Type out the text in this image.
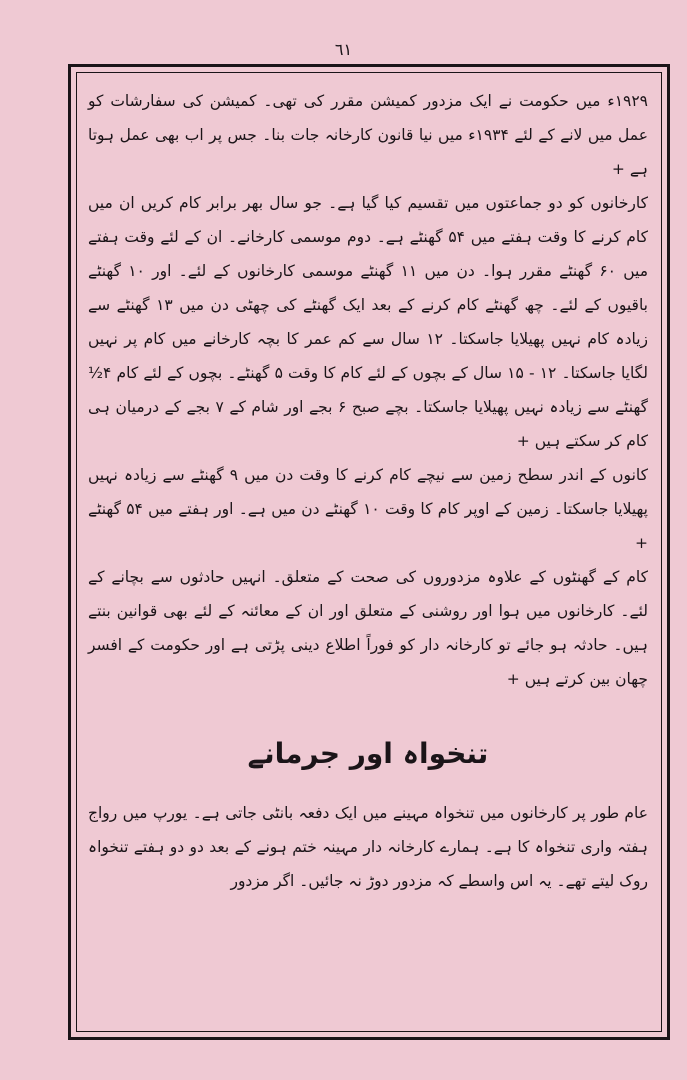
٦١

۱۹۲۹ء میں حکومت نے ایک مزدور کمیشن مقرر کی تھی۔ کمیشن کی سفارشات کو عمل میں لانے کے لئے ۱۹۳۴ء میں نیا قانون کارخانہ جات بنا۔ جس پر اب بھی عمل ہوتا ہے +

کارخانوں کو دو جماعتوں میں تقسیم کیا گیا ہے۔ جو سال بھر برابر کام کریں ان میں کام کرنے کا وقت ہفتے میں ۵۴ گھنٹے ہے۔ دوم موسمی کارخانے۔ ان کے لئے وقت ہفتے میں ۶۰ گھنٹے مقرر ہوا۔ دن میں ۱۱ گھنٹے موسمی کارخانوں کے لئے۔ اور ۱۰ گھنٹے باقیوں کے لئے۔ چھ گھنٹے کام کرنے کے بعد ایک گھنٹے کی چھٹی دن میں ۱۳ گھنٹے سے زیادہ کام نہیں پھیلایا جاسکتا۔ ۱۲ سال سے کم عمر کا بچہ کارخانے میں کام پر نہیں لگایا جاسکتا۔ ۱۲ - ۱۵ سال کے بچوں کے لئے کام کا وقت ۵ گھنٹے۔ بچوں کے لئے کام ۴½ گھنٹے سے زیادہ نہیں پھیلایا جاسکتا۔ بچے صبح ۶ بجے اور شام کے ۷ بجے کے درمیان ہی کام کر سکتے ہیں +

کانوں کے اندر سطح زمین سے نیچے کام کرنے کا وقت دن میں ۹ گھنٹے سے زیادہ نہیں پھیلایا جاسکتا۔ زمین کے اوپر کام کا وقت ۱۰ گھنٹے دن میں ہے۔ اور ہفتے میں ۵۴ گھنٹے +

کام کے گھنٹوں کے علاوہ مزدوروں کی صحت کے متعلق۔ انہیں حادثوں سے بچانے کے لئے۔ کارخانوں میں ہوا اور روشنی کے متعلق اور ان کے معائنہ کے لئے بھی قوانین بنتے ہیں۔ حادثہ ہو جائے تو کارخانہ دار کو فوراً اطلاع دینی پڑتی ہے اور حکومت کے افسر چھان بین کرتے ہیں +

تنخواہ اور جرمانے

عام طور پر کارخانوں میں تنخواہ مہینے میں ایک دفعہ بانٹی جاتی ہے۔ یورپ میں رواج ہفتہ واری تنخواہ کا ہے۔ ہمارے کارخانہ دار مہینہ ختم ہونے کے بعد دو دو ہفتے تنخواہ روک لیتے تھے۔ یہ اس واسطے کہ مزدور دوڑ نہ جائیں۔ اگر مزدور
